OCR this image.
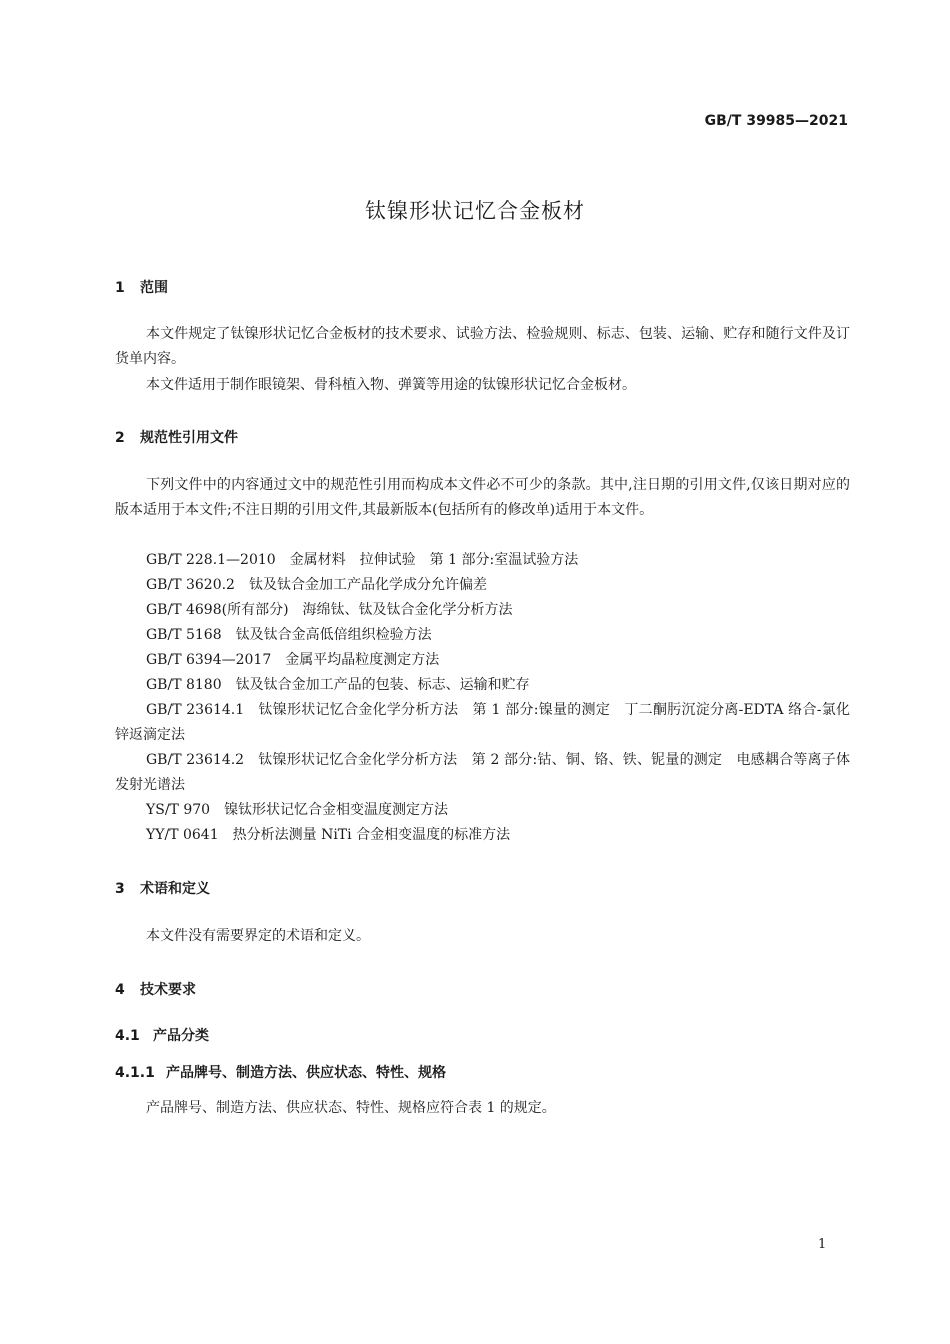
GB/T 39985—2021
钛镍形状记忆合金板材
1 范围
本文件规定了钛镍形状记忆合金板材的技术要求、试验方法、检验规则、标志、包装、运输、贮存和随行文件及订货单内容。
本文件适用于制作眼镜架、骨科植入物、弹簧等用途的钛镍形状记忆合金板材。
2 规范性引用文件
下列文件中的内容通过文中的规范性引用而构成本文件必不可少的条款。其中,注日期的引用文件,仅该日期对应的版本适用于本文件;不注日期的引用文件,其最新版本(包括所有的修改单)适用于本文件。
GB/T 228.1—2010 金属材料　拉伸试验　第 1 部分:室温试验方法
GB/T 3620.2 钛及钛合金加工产品化学成分允许偏差
GB/T 4698(所有部分) 海绵钛、钛及钛合金化学分析方法
GB/T 5168 钛及钛合金高低倍组织检验方法
GB/T 6394—2017 金属平均晶粒度测定方法
GB/T 8180 钛及钛合金加工产品的包装、标志、运输和贮存
GB/T 23614.1 钛镍形状记忆合金化学分析方法　第 1 部分:镍量的测定　丁二酮肟沉淀分离-EDTA 络合-氯化锌返滴定法
GB/T 23614.2 钛镍形状记忆合金化学分析方法　第 2 部分:钴、铜、铬、铁、铌量的测定　电感耦合等离子体发射光谱法
YS/T 970 镍钛形状记忆合金相变温度测定方法
YY/T 0641 热分析法测量 NiTi 合金相变温度的标准方法
3 术语和定义
本文件没有需要界定的术语和定义。
4 技术要求
4.1 产品分类
4.1.1 产品牌号、制造方法、供应状态、特性、规格
产品牌号、制造方法、供应状态、特性、规格应符合表 1 的规定。
1
